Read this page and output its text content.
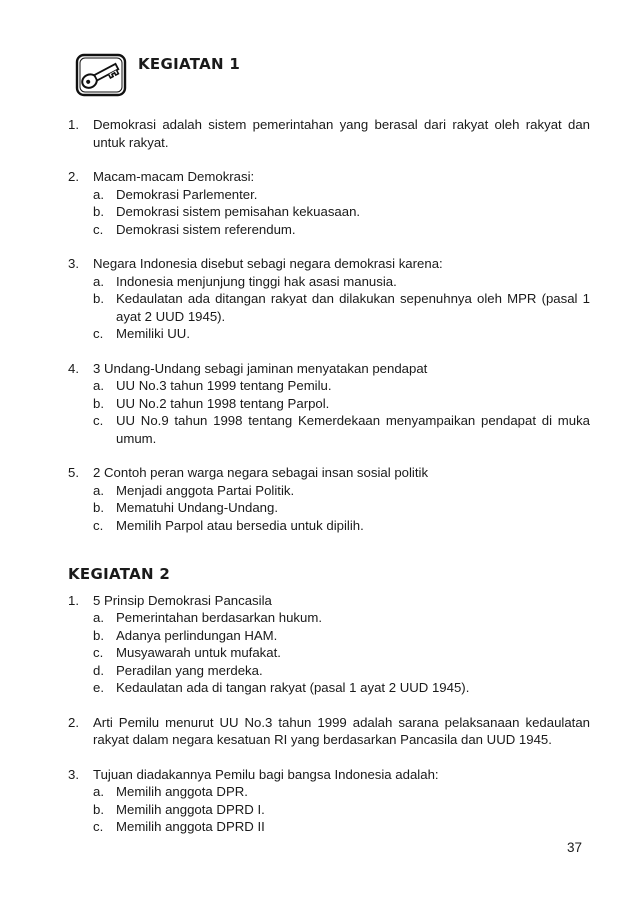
KEGIATAN 1
1. Demokrasi adalah sistem pemerintahan yang berasal dari rakyat oleh rakyat dan untuk rakyat.
2. Macam-macam Demokrasi:
a. Demokrasi Parlementer.
b. Demokrasi sistem pemisahan kekuasaan.
c. Demokrasi sistem referendum.
3. Negara Indonesia disebut sebagi negara demokrasi karena:
a. Indonesia menjunjung tinggi hak asasi manusia.
b. Kedaulatan ada ditangan rakyat dan dilakukan sepenuhnya oleh MPR (pasal 1 ayat 2 UUD 1945).
c. Memiliki UU.
4. 3 Undang-Undang sebagi jaminan menyatakan pendapat
a. UU No.3 tahun 1999 tentang Pemilu.
b. UU No.2 tahun 1998 tentang Parpol.
c. UU No.9 tahun 1998 tentang Kemerdekaan menyampaikan pendapat di muka umum.
5. 2 Contoh peran warga negara sebagai insan sosial politik
a. Menjadi anggota Partai Politik.
b. Mematuhi Undang-Undang.
c. Memilih Parpol atau bersedia untuk dipilih.
KEGIATAN 2
1. 5 Prinsip Demokrasi Pancasila
a. Pemerintahan berdasarkan hukum.
b. Adanya perlindungan HAM.
c. Musyawarah untuk mufakat.
d. Peradilan yang merdeka.
e. Kedaulatan ada di tangan rakyat (pasal 1 ayat 2 UUD 1945).
2. Arti Pemilu menurut UU No.3 tahun 1999 adalah sarana pelaksanaan kedaulatan rakyat dalam negara kesatuan RI yang berdasarkan Pancasila dan UUD 1945.
3. Tujuan diadakannya Pemilu bagi bangsa Indonesia adalah:
a. Memilih anggota DPR.
b. Memilih anggota DPRD I.
c. Memilih anggota DPRD II
37
